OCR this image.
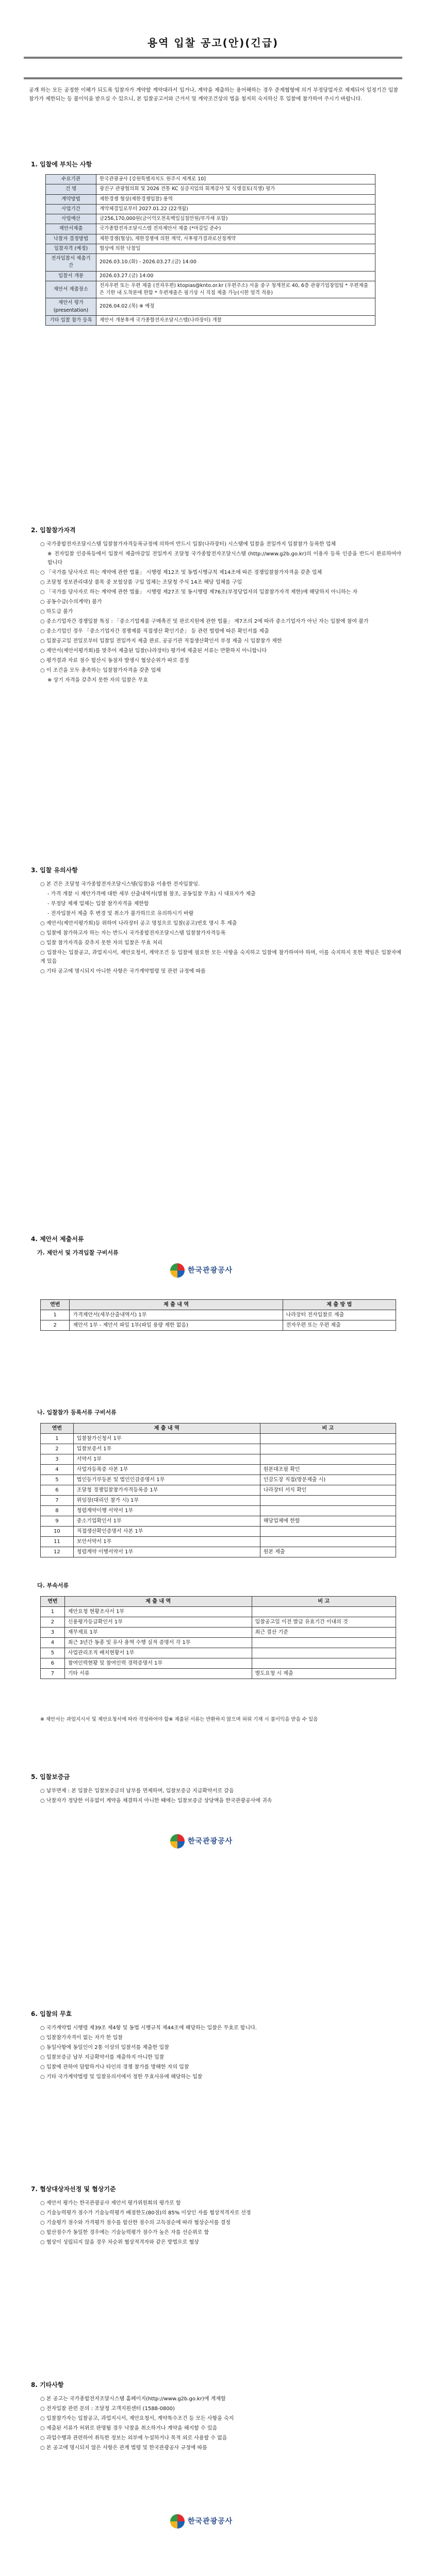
용역 입찰 공고(안)(긴급)
공개 하는 모든 공정한 이해가 되도록 입찰자가 계약할 계약대라서 입거나, 계약을 제출하는 용어해하는 경우 준제협형에 의거 부정당업자로 제제되어 일정기간 입찰참가가 제한되는 등 불이익을 받으실 수 있으니, 본 입찰공고서와 근거서 및 계약조건상의 법을 철저히 숙지하신 후 입찰에 참가하여 주시기 바랍니다.
1. 입찰에 부치는 사항
수요기관	한국관광공사 [강원특별자치도 원주시 세계로 10]
건 명	광진구 관광협의회 및 2026 전통 KC 실증지입의 회계감사 및 식생검토(직생) 평가
계약방법	제한경쟁 협상(제한경쟁입찰) 용역
사업기간	계약체결일로부터 2027.01.22 (22개월)
사업예산	금256,170,000원(금이억오천육백일십칠만원/부가세 포함)
제안서제출	국가종합전자조달시스템 전자제안서 제출 (*마감일 준수)
낙찰자 결정방법	제한경쟁(협상), 제한경쟁에 의한 계약, 사후평가결과로선정계약
입찰자격 (예정)	협상에 의한 낙찰일
전자입찰서 제출기간	2026.03.10.(화) - 2026.03.27.(금) 14:00
입찰서 개봉	2026.03.27.(금) 14:00
제안서 제출장소	전자우편 또는 우편 제출 (전자우편) ktopias@knto.or.kr (우편주소) 서울 중구 청계천로 40, 6층 관광기업창업팀 * 우편제출은 기한 내 도착분에 한함 * 우편제출은 필기상 시 직접 제출 가능(시한 엄격 적용)
제안서 평가 (presentation)	2026.04.02.(목) ※ 예정
기타 입찰 참가 등록	제안서 개봉후에 국가종합전자조달시스템(나라장터) 개찰
2. 입찰참가자격
○ 국가종합전자조달시스템 입찰참가자격등록규정에 의하여 반드시 입찰(나라장터) 시스템에 입찰을 전일까지 입찰참가 등록한 업체
※ 전자입찰 인증록등에서 입찰서 제출마감일 전일까지 조달청 국가종합전자조달시스템 (http://www.g2b.go.kr)의 이용자 등록 인증을 반드시 완료하여야 합니다
○ 「국가를 당사자로 하는 계약에 관한 법률」 시행령 제12조 및 동법시행규칙 제14조에 따른 경쟁입찰참가자격을 갖춘 업체
○ 조달청 정보관리대상 품목 중 보험상품 구입 업체는 조달청 주식 14조 해당 업체를 구입
○ 「국가를 당사자로 하는 계약에 관한 법률」 시행령 제27조 및 동시행령 제76조(부정당업자의 입찰참가자격 제한)에 해당하지 아니하는 자
○ 공동수급(수의계약) 불가
○ 하도급 불가
○ 중소기업자간 경쟁입찰 특징 : 「중소기업제품 구매촉진 및 판로지원에 관한 법률」 제7조의 2에 따라 중소기업자가 아닌 자는 입찰에 참여 불가
○ 중소기업인 경우 「중소기업자간 경쟁제품 직접생산 확인기준」 등 관련 법령에 따른 확인서를 제출
○ 입찰공고일 전일로부터 입찰일 전일까지 제출 완료. 공공기관 직접생산확인서 부정 제출 시 입찰참가 제한
○ 제안서(제안서평가회)를 맞추어 제출된 입찰(나라장터) 평가에 제출된 서류는 반환하지 아니합니다
○ 평가결과 자료 점수 합산시 동점자 발생시 협상순위가 따로 결정
○ 이 조건을 모두 총족하는 입찰참가자격을 갖춘 업체
※ 상기 자격을 갖추지 못한 자의 입찰은 무효
3. 입찰 유의사항
○ 본 건은 조달청 국가종합전자조달시스템(입찰)을 이용한 전자입찰임.
- 가격 개찰 시 제안가격에 대한 세부 산출내역서(별첨 참조, 공동입찰 무효) 시 대표자가 제출
- 부정당 제재 업체는 입찰 참가자격을 제한함
- 전자입찰서 제출 후 변경 및 취소가 불가하므로 유의하시기 바람
○ 제안서(제안서평가회)등 위하여 나라장터 공고 명칭으로 입찰(공고)번호 명시 후 제출
○ 입찰에 참가하고자 하는 자는 반드시 국가종합전자조달시스템 입찰참가자격등록
○ 입찰 참가자격을 갖추지 못한 자의 입찰은 무효 처리
○ 입찰자는 입찰공고, 과업지시서, 제안요청서, 계약조건 등 입찰에 필요한 모든 사항을 숙지하고 입찰에 참가하여야 하며, 이를 숙지하지 못한 책임은 입찰자에게 있음
○ 기타 공고에 명시되지 아니한 사항은 국가계약법령 및 관련 규정에 따름
4. 제안서 제출서류
가. 제안서 및 가격입찰 구비서류
한국관광공사
연번	제 출 내 역	제 출 방 법
1	가격제안서(세부산출내역서) 1부	나라장터 전자입찰로 제출
2	제안서 1부 - 제안서 파일 1부(파일 용량 제한 없음)	전자우편 또는 우편 제출
나. 입찰참가 등록서류 구비서류
연번	제 출 내 역	비 고
1	입찰참가신청서 1부	
2	입찰보증서 1부	
3	서약서 1부	
4	사업자등록증 사본 1부	원본대조필 확인
5	법인등기부등본 및 법인인감증명서 1부	인감도장 직접(방문제출 시)
6	조달청 경쟁입찰참가자격등록증 1부	나라장터 서식 확인
7	위임장(대리인 참가 시) 1부	
8	청렴계약이행 서약서 1부	
9	중소기업확인서 1부	해당업체에 한함
10	직접생산확인증명서 사본 1부	
11	보안서약서 1부	
12	청렴계약 이행서약서 1부	원본 제출
다. 부속서류
연번	제 출 내 역	비 고
1	제안요청 현황조사서 1부	
2	신용평가등급확인서 1부	입찰공고일 이전 발급 유효기간 이내의 것
3	재무제표 1부	최근 결산 기준
4	최근 3년간 동종 및 유사 용역 수행 실적 증명서 각 1부	
5	사업관리조직 배치현황서 1부	
6	참여인력현황 및 참여인력 경력증명서 1부	
7	기타 서류	별도요청 시 제출
※ 제안서는 과업지시서 및 제안요청서에 따라 작성하여야 함※ 제출된 서류는 반환하지 않으며 허위 기재 시 불이익을 받을 수 있음
5. 입찰보증금
○ 납부면제 : 본 입찰은 입찰보증금의 납부를 면제하며, 입찰보증금 지급확약서로 갈음
○ 낙찰자가 정당한 이유없이 계약을 체결하지 아니한 때에는 입찰보증금 상당액을 한국관광공사에 귀속
한국관광공사
6. 입찰의 무효
○ 국가계약법 시행령 제39조 제4항 및 동법 시행규칙 제44조에 해당하는 입찰은 무효로 합니다.
○ 입찰참가자격이 없는 자가 한 입찰
○ 동일사항에 동일인이 2통 이상의 입찰서를 제출한 입찰
○ 입찰보증금 납부 지급확약서를 제출하지 아니한 입찰
○ 입찰에 관하여 담합하거나 타인의 경쟁 참가를 방해한 자의 입찰
○ 기타 국가계약법령 및 입찰유의서에서 정한 무효사유에 해당하는 입찰
7. 협상대상자선정 및 협상기준
○ 제안서 평가는 한국관광공사 제안서 평가위원회의 평가로 함
○ 기술능력평가 점수가 기술능력평가 배점한도(80점)의 85% 이상인 자를 협상적격자로 선정
○ 기술평가 점수와 가격평가 점수를 합산한 점수의 고득점순에 따라 협상순서를 결정
○ 합산점수가 동일한 경우에는 기술능력평가 점수가 높은 자를 선순위로 함
○ 협상이 성립되지 않을 경우 차순위 협상적격자와 같은 방법으로 협상
8. 기타사항
○ 본 공고는 국가종합전자조달시스템 홈페이지(http://www.g2b.go.kr)에 게재함
○ 전자입찰 관련 문의 : 조달청 고객지원센터 (1588-0800)
○ 입찰참가자는 입찰공고, 과업지시서, 제안요청서, 계약특수조건 등 모든 사항을 숙지
○ 제출된 서류가 허위로 판명될 경우 낙찰을 취소하거나 계약을 해지할 수 있음
○ 과업수행과 관련하여 취득한 정보는 외부에 누설하거나 목적 외로 사용할 수 없음
○ 본 공고에 명시되지 않은 사항은 관계 법령 및 한국관광공사 규정에 따름
한국관광공사
